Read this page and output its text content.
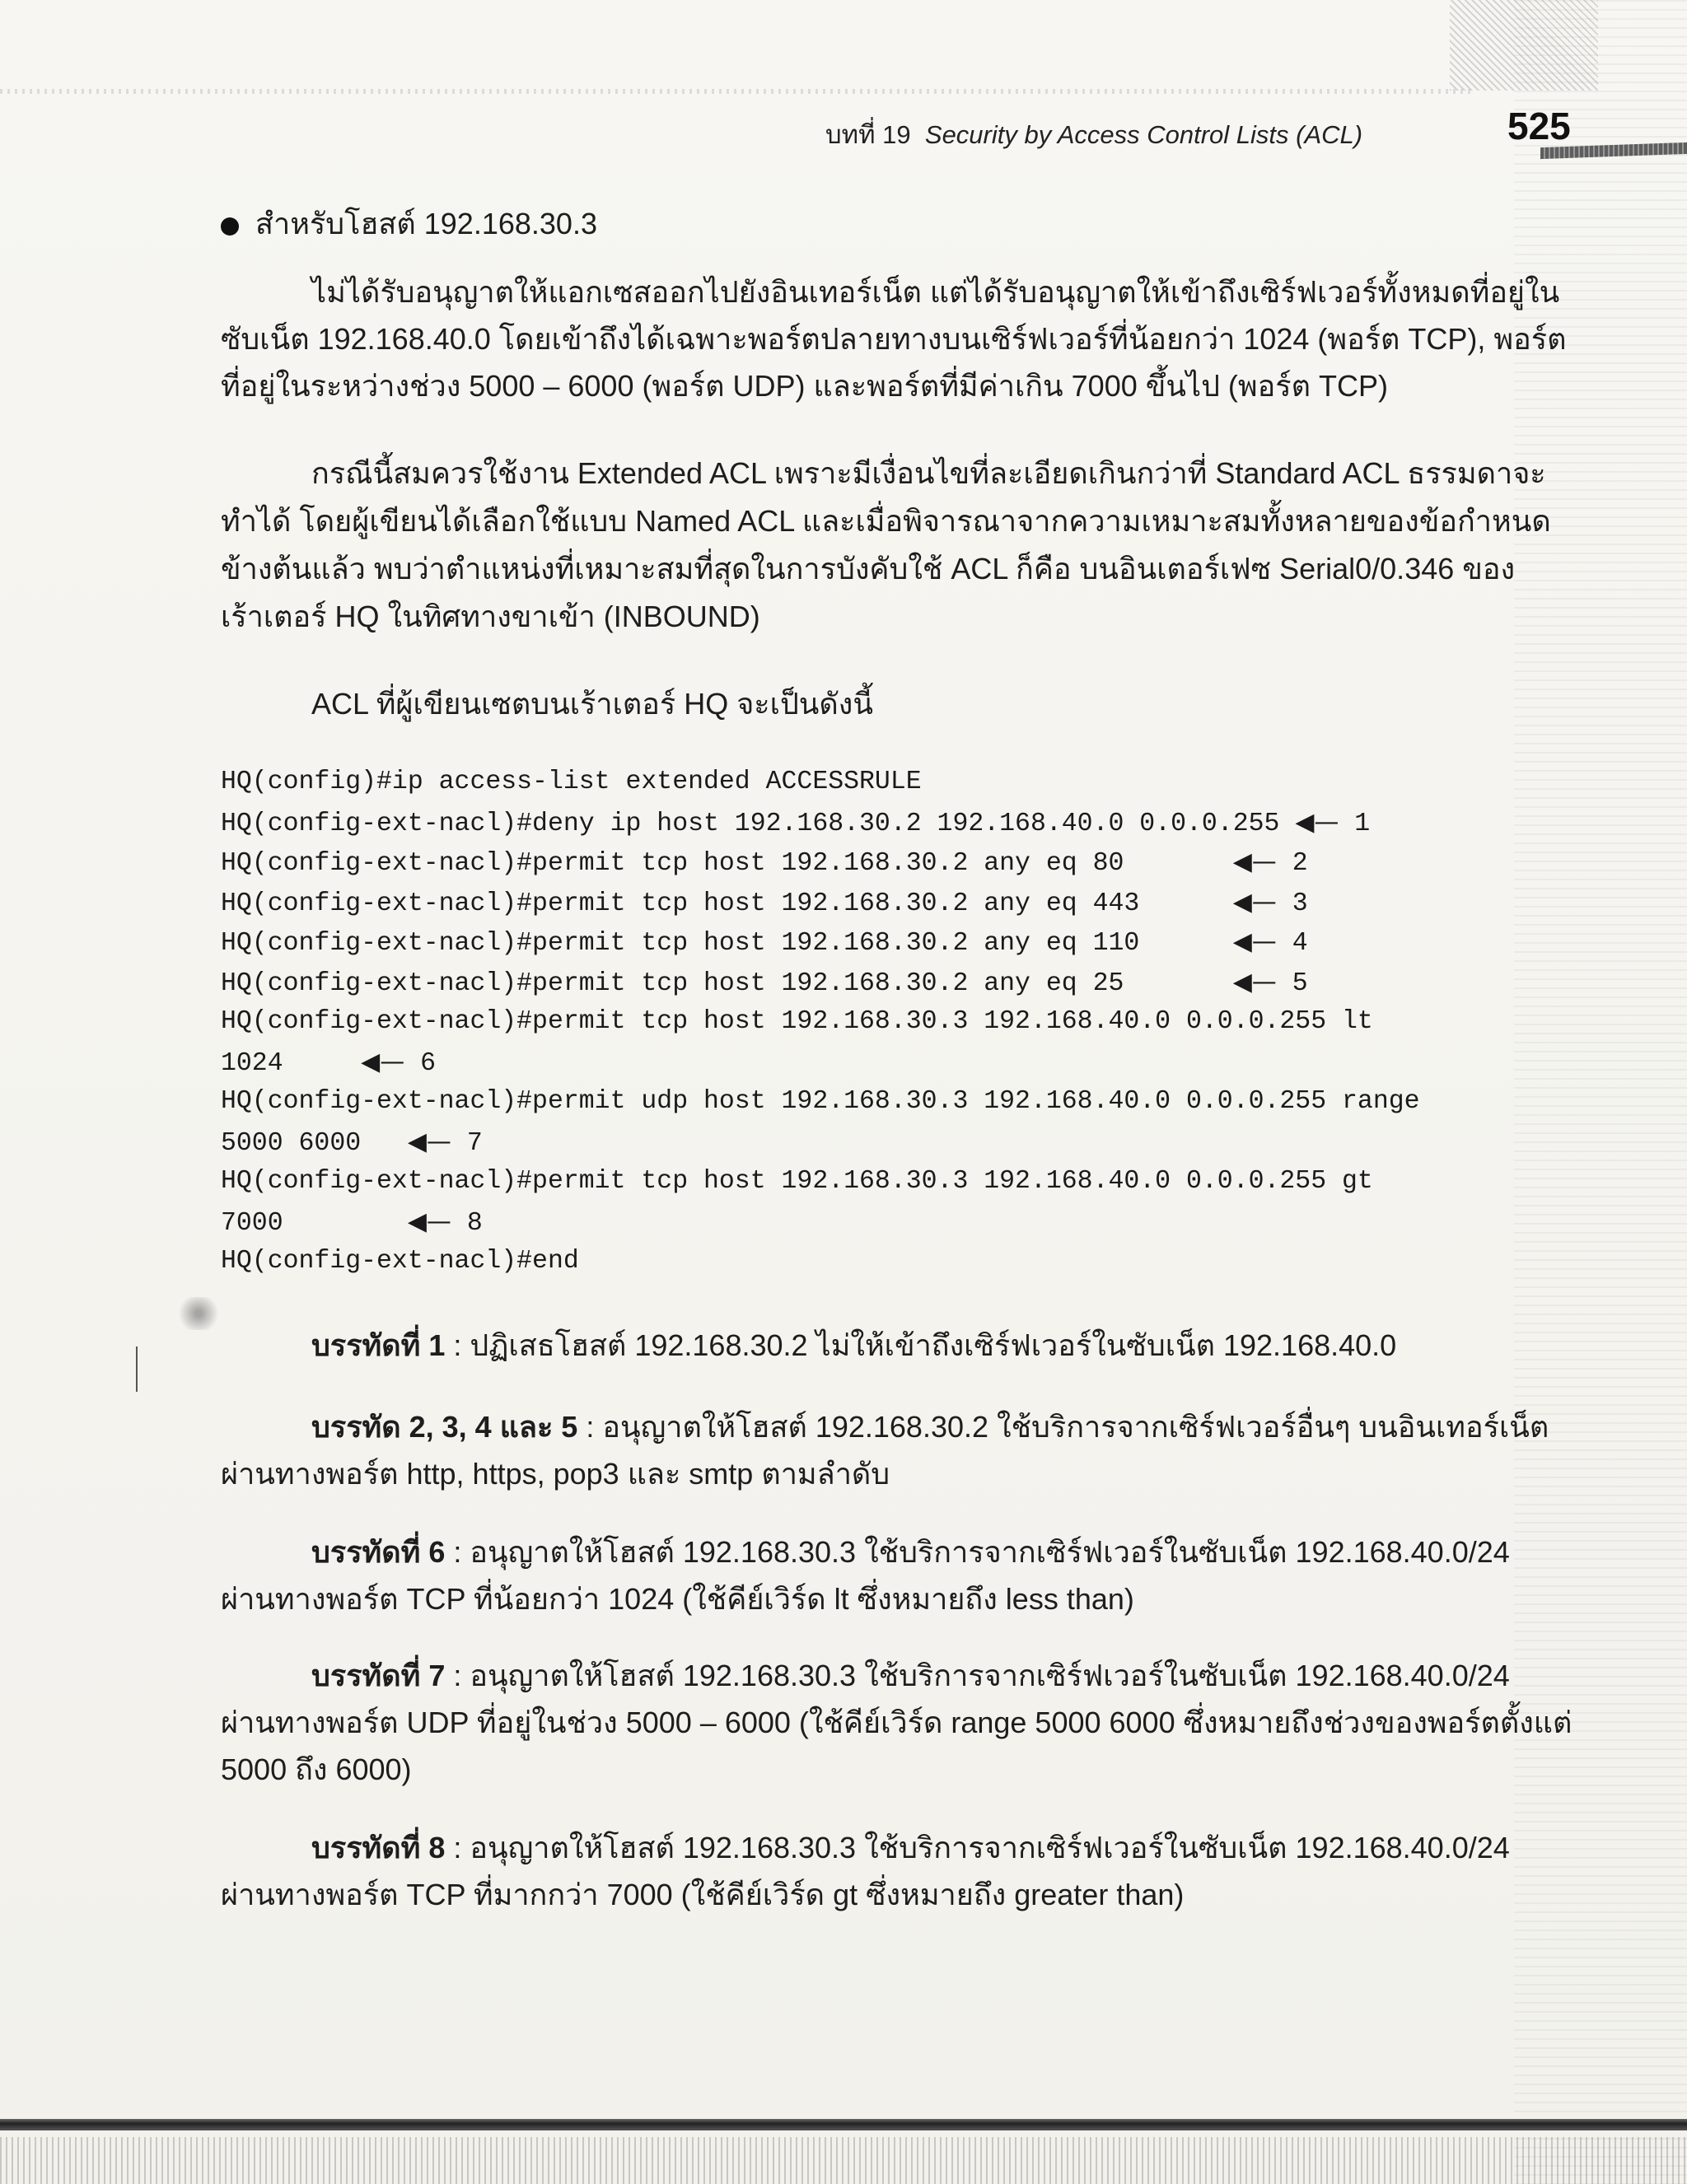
บทที่ 19 Security by Access Control Lists (ACL)	525
สำหรับโฮสต์ 192.168.30.3
ไม่ได้รับอนุญาตให้แอกเซสออกไปยังอินเทอร์เน็ต แต่ได้รับอนุญาตให้เข้าถึงเซิร์ฟเวอร์ทั้งหมดที่อยู่ใน
ซับเน็ต 192.168.40.0 โดยเข้าถึงได้เฉพาะพอร์ตปลายทางบนเซิร์ฟเวอร์ที่น้อยกว่า 1024 (พอร์ต TCP), พอร์ต
ที่อยู่ในระหว่างช่วง 5000 – 6000 (พอร์ต UDP) และพอร์ตที่มีค่าเกิน 7000 ขึ้นไป (พอร์ต TCP)
กรณีนี้สมควรใช้งาน Extended ACL เพราะมีเงื่อนไขที่ละเอียดเกินกว่าที่ Standard ACL ธรรมดาจะ
ทำได้ โดยผู้เขียนได้เลือกใช้แบบ Named ACL และเมื่อพิจารณาจากความเหมาะสมทั้งหลายของข้อกำหนด
ข้างต้นแล้ว พบว่าตำแหน่งที่เหมาะสมที่สุดในการบังคับใช้ ACL ก็คือ บนอินเตอร์เฟซ Serial0/0.346 ของ
เร้าเตอร์ HQ ในทิศทางขาเข้า (INBOUND)
ACL ที่ผู้เขียนเซตบนเร้าเตอร์ HQ จะเป็นดังนี้
HQ(config)#ip access-list extended ACCESSRULE
HQ(config-ext-nacl)#deny ip host 192.168.30.2 192.168.40.0 0.0.0.255 ◀— 1
HQ(config-ext-nacl)#permit tcp host 192.168.30.2 any eq 80       ◀— 2
HQ(config-ext-nacl)#permit tcp host 192.168.30.2 any eq 443      ◀— 3
HQ(config-ext-nacl)#permit tcp host 192.168.30.2 any eq 110      ◀— 4
HQ(config-ext-nacl)#permit tcp host 192.168.30.2 any eq 25       ◀— 5
HQ(config-ext-nacl)#permit tcp host 192.168.30.3 192.168.40.0 0.0.0.255 lt
1024     ◀— 6
HQ(config-ext-nacl)#permit udp host 192.168.30.3 192.168.40.0 0.0.0.255 range
5000 6000   ◀— 7
HQ(config-ext-nacl)#permit tcp host 192.168.30.3 192.168.40.0 0.0.0.255 gt
7000        ◀— 8
HQ(config-ext-nacl)#end
บรรทัดที่ 1 : ปฏิเสธโฮสต์ 192.168.30.2 ไม่ให้เข้าถึงเซิร์ฟเวอร์ในซับเน็ต 192.168.40.0
บรรทัด 2, 3, 4 และ 5 : อนุญาตให้โฮสต์ 192.168.30.2 ใช้บริการจากเซิร์ฟเวอร์อื่นๆ บนอินเทอร์เน็ต
ผ่านทางพอร์ต http, https, pop3 และ smtp ตามลำดับ
บรรทัดที่ 6 : อนุญาตให้โฮสต์ 192.168.30.3 ใช้บริการจากเซิร์ฟเวอร์ในซับเน็ต 192.168.40.0/24
ผ่านทางพอร์ต TCP ที่น้อยกว่า 1024 (ใช้คีย์เวิร์ด lt ซึ่งหมายถึง less than)
บรรทัดที่ 7 : อนุญาตให้โฮสต์ 192.168.30.3 ใช้บริการจากเซิร์ฟเวอร์ในซับเน็ต 192.168.40.0/24
ผ่านทางพอร์ต UDP ที่อยู่ในช่วง 5000 – 6000 (ใช้คีย์เวิร์ด range 5000 6000 ซึ่งหมายถึงช่วงของพอร์ตตั้งแต่
5000 ถึง 6000)
บรรทัดที่ 8 : อนุญาตให้โฮสต์ 192.168.30.3 ใช้บริการจากเซิร์ฟเวอร์ในซับเน็ต 192.168.40.0/24
ผ่านทางพอร์ต TCP ที่มากกว่า 7000 (ใช้คีย์เวิร์ด gt ซึ่งหมายถึง greater than)
